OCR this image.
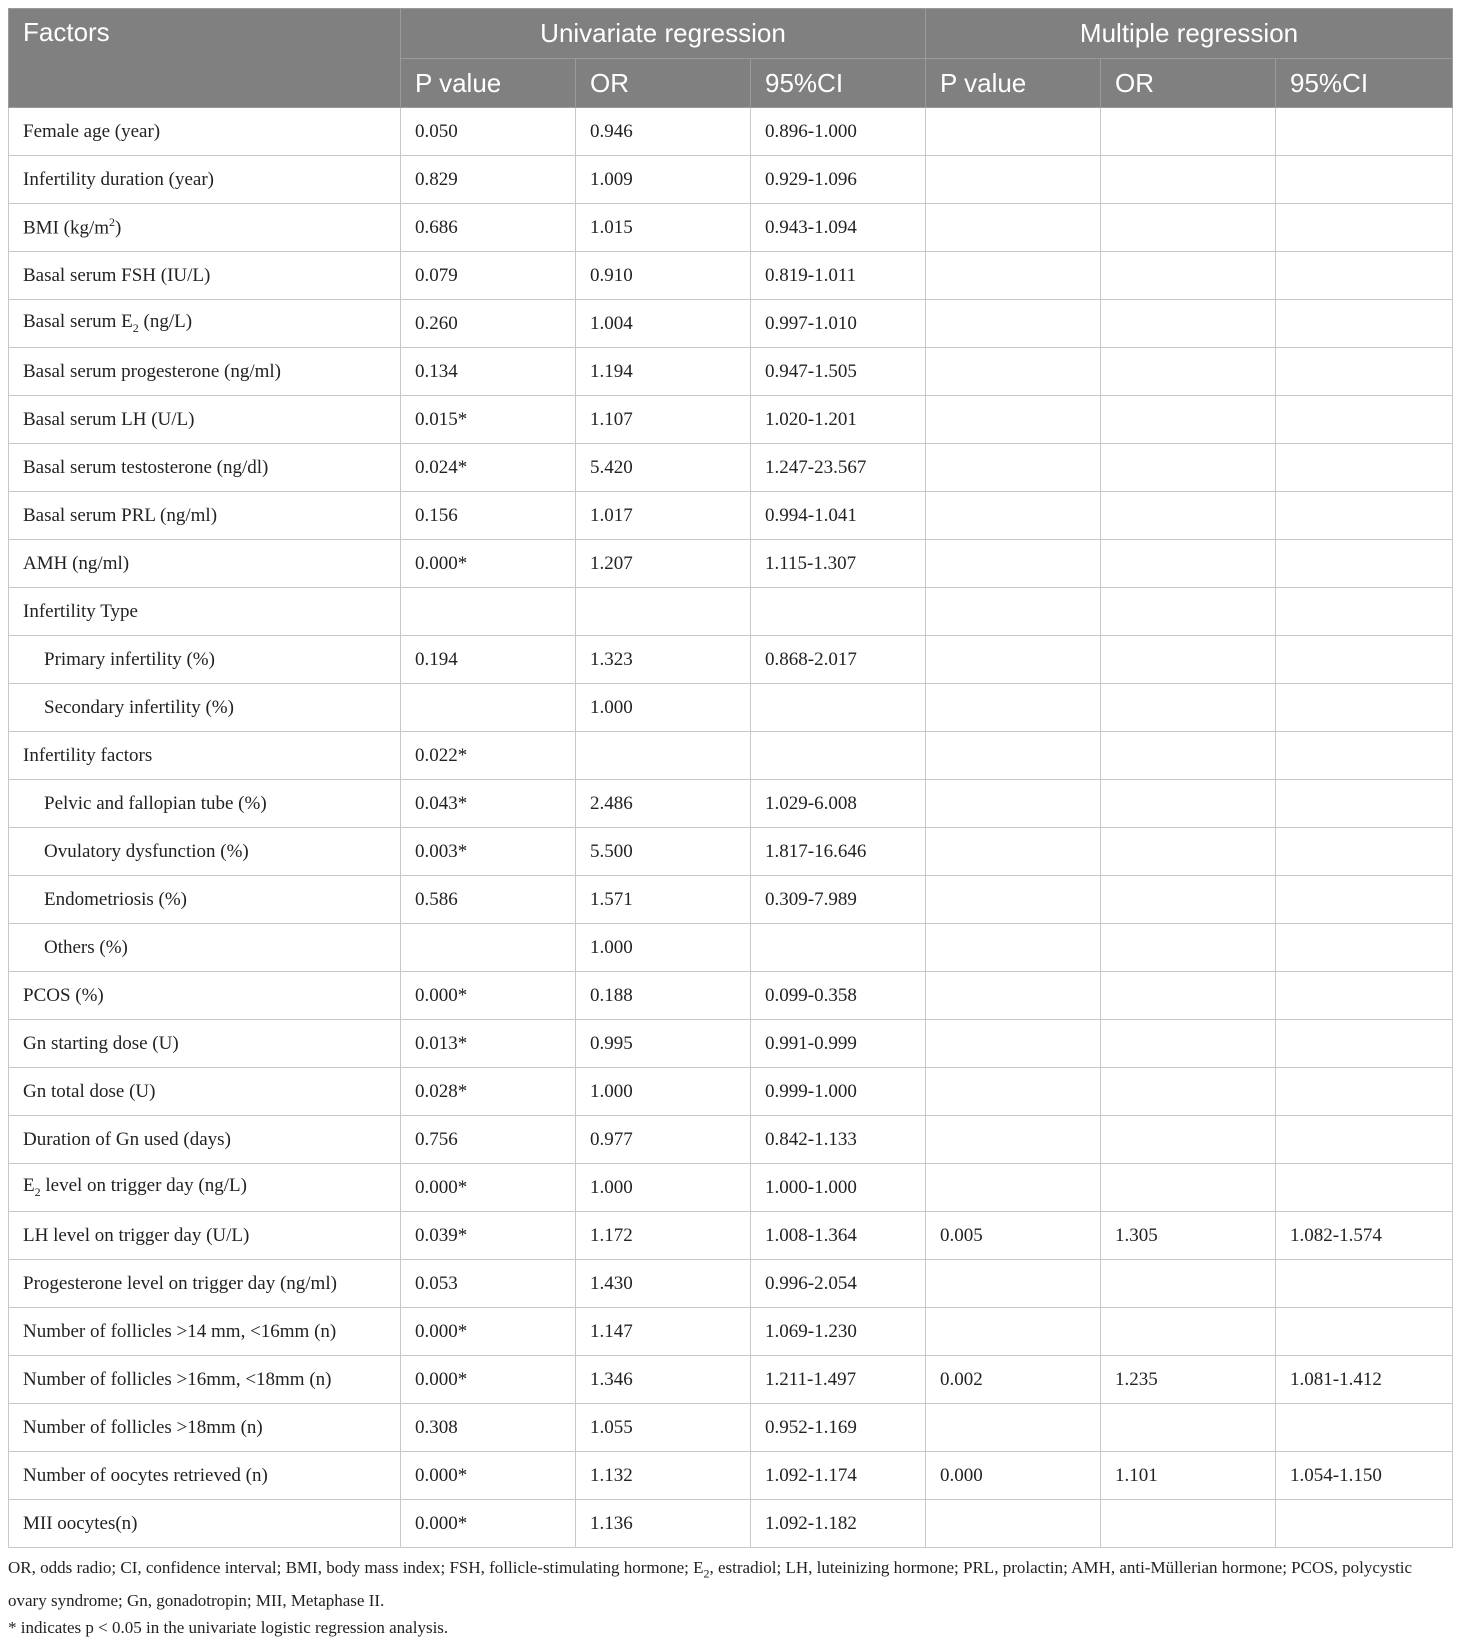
Factors	Univariate regression			Multiple regression		
	P value	OR	95%CI	P value	OR	95%CI
Female age (year)	0.050	0.946	0.896-1.000			
Infertility duration (year)	0.829	1.009	0.929-1.096			
BMI $(kg/m^2)$	0.686	1.015	0.943-1.094			
Basal serum FSH (IU/L)	0.079	0.910	0.819-1.011			
Basal serum $E_2$ (ng/L)	0.260	1.004	0.997-1.010			
Basal serum progesterone (ng/ml)	0.134	1.194	0.947-1.505			
Basal serum LH (U/L)	0.015*	1.107	1.020-1.201			
Basal serum testosterone (ng/dl)	0.024*	5.420	1.247-23.567			
Basal serum PRL (ng/ml)	0.156	1.017	0.994-1.041			
AMH (ng/ml)	0.000*	1.207	1.115-1.307			
Infertility Type						
Primary infertility (%)	0.194	1.323	0.868-2.017			
Secondary infertility (%)		1.000				
Infertility factors	0.022*					
Pelvic and fallopian tube (%)	0.043*	2.486	1.029-6.008			
Ovulatory dysfunction (%)	0.003*	5.500	1.817-16.646			
Endometriosis (%)	0.586	1.571	0.309-7.989			
Others (%)		1.000				
PCOS (%)	0.000*	0.188	0.099-0.358			
Gn starting dose (U)	0.013*	0.995	0.991-0.999			
Gn total dose (U)	0.028*	1.000	0.999-1.000			
Duration of Gn used (days)	0.756	0.977	0.842-1.133			
$E_2$ level on trigger day (ng/L)	0.000*	1.000	1.000-1.000			
LH level on trigger day (U/L)	0.039*	1.172	1.008-1.364	0.005	1.305	1.082-1.574
Progesterone level on trigger day (ng/ml)	0.053	1.430	0.996-2.054			
Number of follicles >14 mm, <16mm (n)	0.000*	1.147	1.069-1.230			
Number of follicles >16mm, <18mm (n)	0.000*	1.346	1.211-1.497	0.002	1.235	1.081-1.412
Number of follicles >18mm (n)	0.308	1.055	0.952-1.169			
Number of oocytes retrieved (n)	0.000*	1.132	1.092-1.174	0.000	1.101	1.054-1.150
MII oocytes(n)	0.000*	1.136	1.092-1.182			
OR, odds radio; CI, confidence interval; BMI, body mass index; FSH, follicle-stimulating hormone; $E_2$, estradiol; LH, luteinizing hormone; PRL, prolactin; AMH, anti-Müllerian hormone; PCOS, polycystic ovary syndrome; Gn, gonadotropin; MII, Metaphase II.
* indicates p < 0.05 in the univariate logistic regression analysis.
